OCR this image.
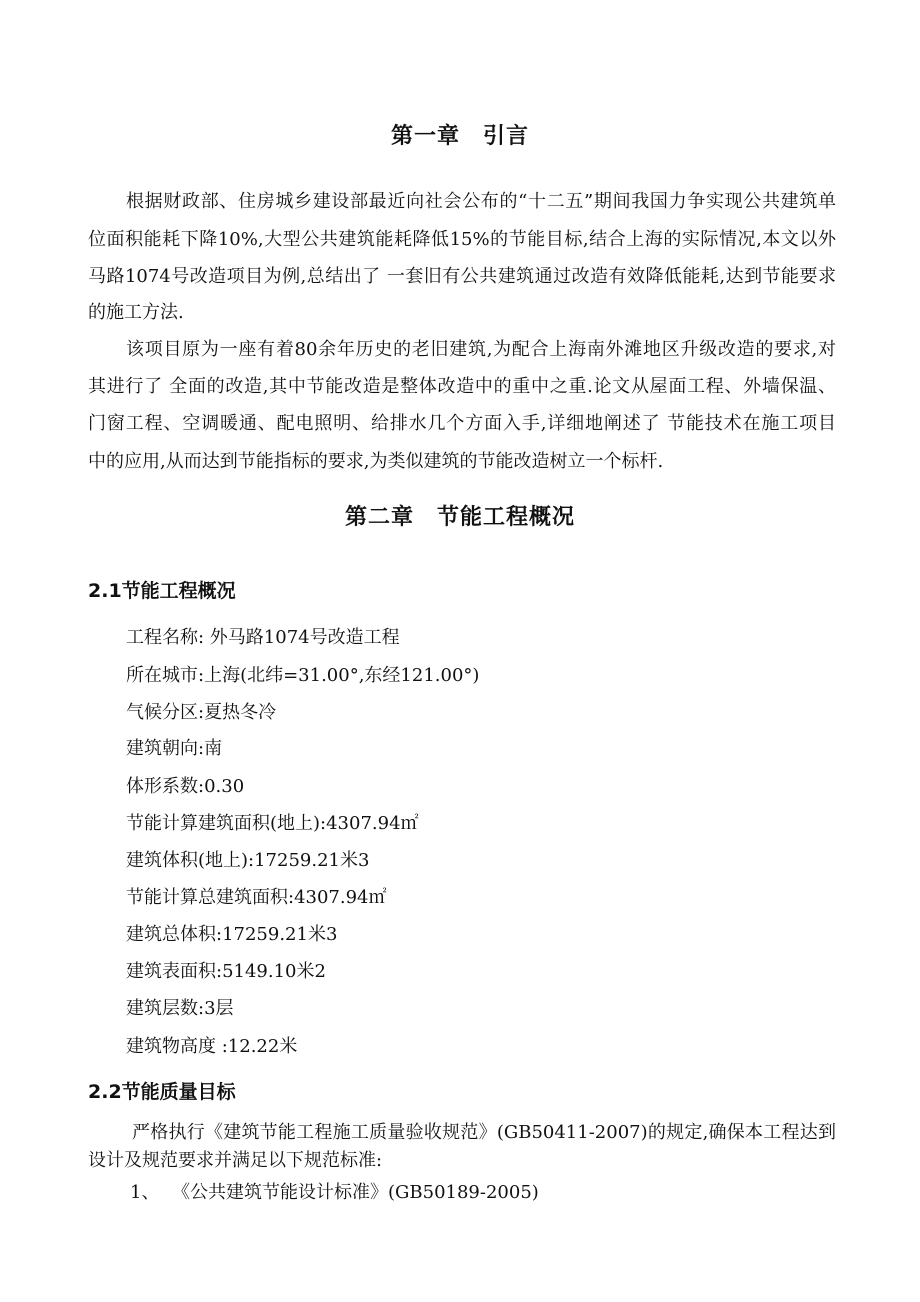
第一章　引言
根据财政部、住房城乡建设部最近向社会公布的“十二五”期间我国力争实现公共建筑单
位面积能耗下降10%,大型公共建筑能耗降低15%的节能目标,结合上海的实际情况,本文以外
马路1074号改造项目为例,总结出了 一套旧有公共建筑通过改造有效降低能耗,达到节能要求
的施工方法.
该项目原为一座有着80余年历史的老旧建筑,为配合上海南外滩地区升级改造的要求,对
其进行了 全面的改造,其中节能改造是整体改造中的重中之重.论文从屋面工程、外墙保温、
门窗工程、空调暖通、配电照明、给排水几个方面入手,详细地阐述了 节能技术在施工项目
中的应用,从而达到节能指标的要求,为类似建筑的节能改造树立一个标杆.
第二章　节能工程概况
2.1节能工程概况
工程名称: 外马路1074号改造工程
所在城市:上海(北纬=31.00°,东经121.00°)
气候分区:夏热冬冷
建筑朝向:南
体形系数:0.30
节能计算建筑面积(地上):4307.94㎡
建筑体积(地上):17259.21米3
节能计算总建筑面积:4307.94㎡
建筑总体积:17259.21米3
建筑表面积:5149.10米2
建筑层数:3层
建筑物高度 :12.22米
2.2节能质量目标
严格执行《建筑节能工程施工质量验收规范》(GB50411-2007)的规定,确保本工程达到
设计及规范要求并满足以下规范标准:
1、 《公共建筑节能设计标准》(GB50189-2005)
